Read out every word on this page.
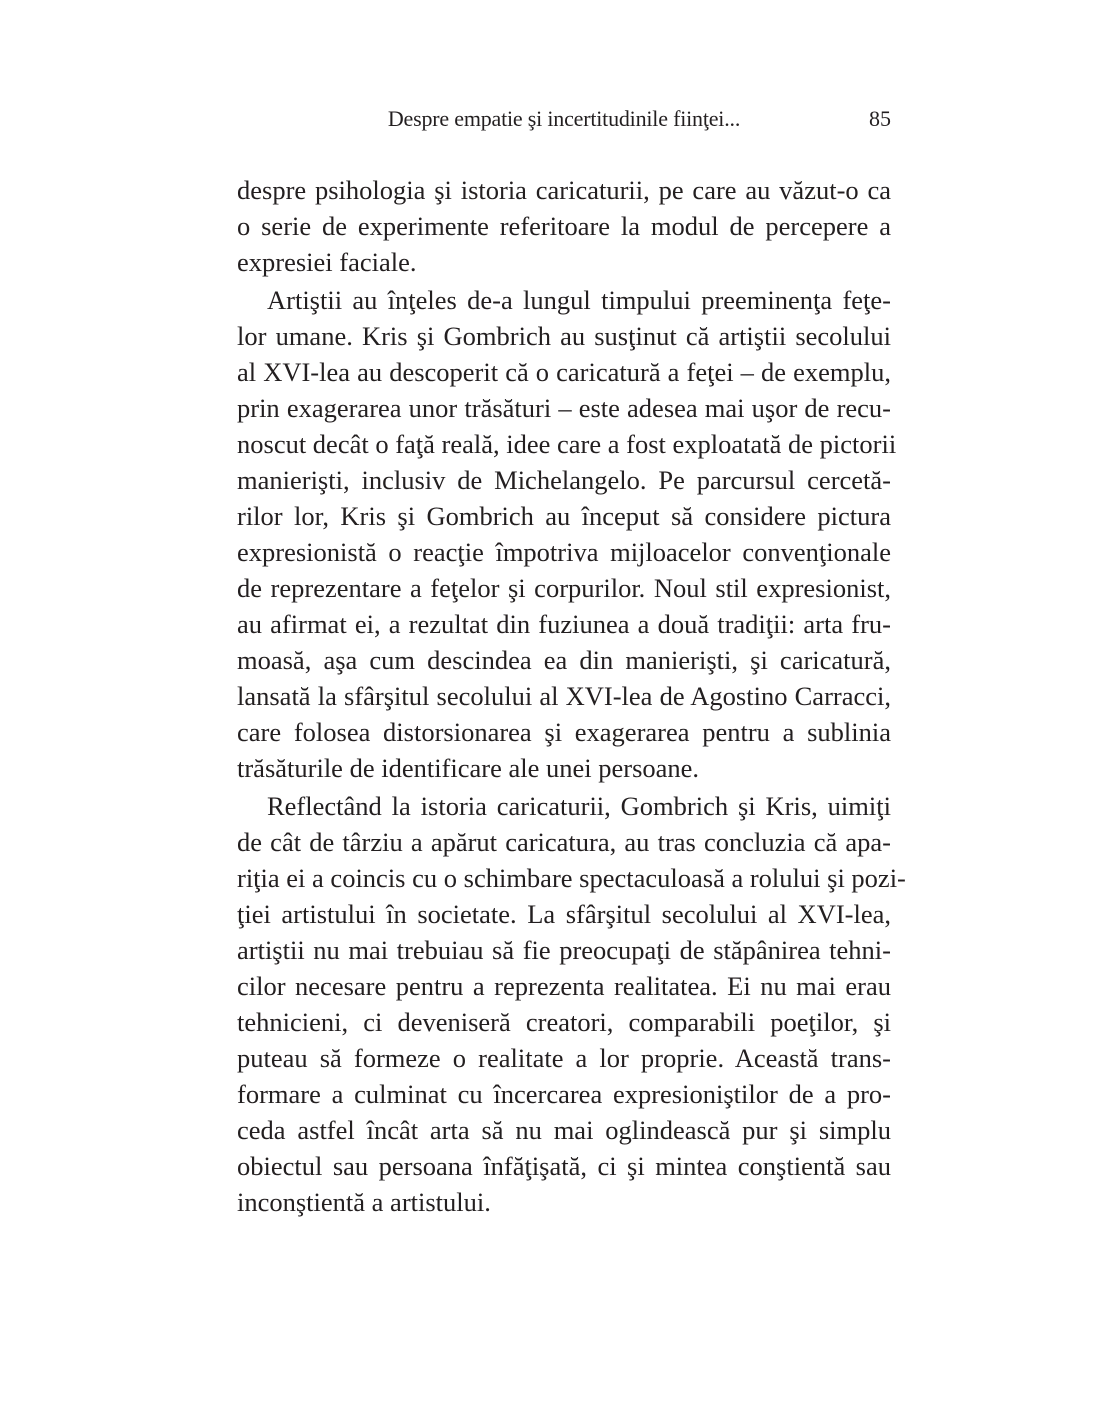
Despre empatie şi incertitudinile fiinţei...	85
despre psihologia şi istoria caricaturii, pe care au văzut-o ca
o serie de experimente referitoare la modul de percepere a
expresiei faciale.
Artiştii au înţeles de-a lungul timpului preeminenţa feţe-
lor umane. Kris şi Gombrich au susţinut că artiştii secolului
al XVI-lea au descoperit că o caricatură a feţei – de exemplu,
prin exagerarea unor trăsături – este adesea mai uşor de recu-
noscut decât o faţă reală, idee care a fost exploatată de pictorii
manierişti, inclusiv de Michelangelo. Pe parcursul cercetă-
rilor lor, Kris şi Gombrich au început să considere pictura
expresionistă o reacţie împotriva mijloacelor convenţionale
de reprezentare a feţelor şi corpurilor. Noul stil expresionist,
au afirmat ei, a rezultat din fuziunea a două tradiţii: arta fru-
moasă, aşa cum descindea ea din manierişti, şi caricatură,
lansată la sfârşitul secolului al XVI-lea de Agostino Carracci,
care folosea distorsionarea şi exagerarea pentru a sublinia
trăsăturile de identificare ale unei persoane.
Reflectând la istoria caricaturii, Gombrich şi Kris, uimiţi
de cât de târziu a apărut caricatura, au tras concluzia că apa-
riţia ei a coincis cu o schimbare spectaculoasă a rolului şi pozi-
ţiei artistului în societate. La sfârşitul secolului al XVI-lea,
artiştii nu mai trebuiau să fie preocupaţi de stăpânirea tehni-
cilor necesare pentru a reprezenta realitatea. Ei nu mai erau
tehnicieni, ci deveniseră creatori, comparabili poeţilor, şi
puteau să formeze o realitate a lor proprie. Această trans-
formare a culminat cu încercarea expresioniştilor de a pro-
ceda astfel încât arta să nu mai oglindească pur şi simplu
obiectul sau persoana înfăţişată, ci şi mintea conştientă sau
inconştientă a artistului.
